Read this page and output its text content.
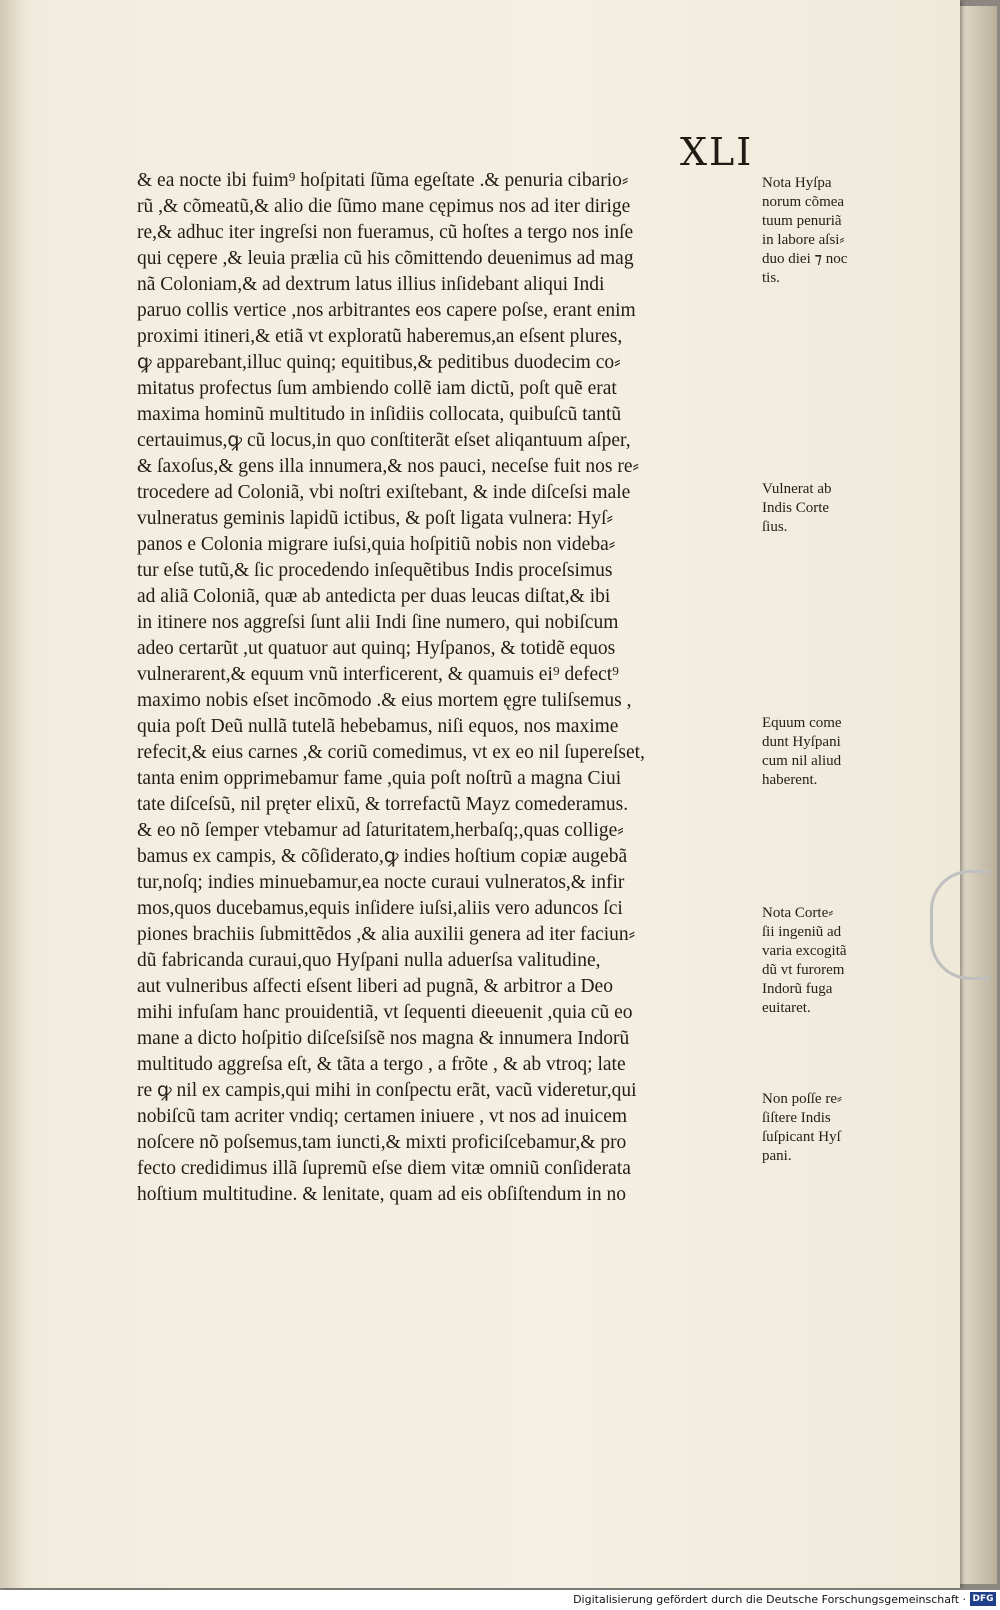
XLI
& ea nocte ibi fuim⁹ hoſpitati ſũma egeſtate .& penuria cibario⸗
rũ ,& cõmeatũ,& alio die ſũmo mane cępimus nos ad iter dirige
re,& adhuc iter ingreſsi non fueramus, cũ hoſtes a tergo nos inſe
qui cępere ,& leuia prælia cũ his cõmittendo deuenimus ad mag
nã Coloniam,& ad dextrum latus illius inſidebant aliqui Indi
paruo collis vertice ,nos arbitrantes eos capere poſse, erant enim
proximi itineri,& etiã vt exploratũ haberemus,an eſsent plures,
ꝙ apparebant,illuc quinq; equitibus,& peditibus duodecim co⸗
mitatus profectus ſum ambiendo collẽ iam dictũ, poſt quẽ erat
maxima hominũ multitudo in inſidiis collocata, quibuſcũ tantũ
certauimus,ꝙ cũ locus,in quo conſtiterãt eſset aliqantuum aſper,
& ſaxoſus,& gens illa innumera,& nos pauci, neceſse fuit nos re⸗
trocedere ad Coloniã, vbi noſtri exiſtebant, & inde diſceſsi male
vulneratus geminis lapidũ ictibus, & poſt ligata vulnera: Hyſ⸗
panos e Colonia migrare iuſsi,quia hoſpitiũ nobis non videba⸗
tur eſse tutũ,& ſic procedendo inſequẽtibus Indis proceſsimus
ad aliã Coloniã, quæ ab antedicta per duas leucas diſtat,& ibi
in itinere nos aggreſsi ſunt alii Indi ſine numero, qui nobiſcum
adeo certarũt ,ut quatuor aut quinq; Hyſpanos, & totidẽ equos
vulnerarent,& equum vnũ interficerent, & quamuis ei⁹ defect⁹
maximo nobis eſset incõmodo .& eius mortem ęgre tuliſsemus ,
quia poſt Deũ nullã tutelã hebebamus, niſi equos, nos maxime
refecit,& eius carnes ,& coriũ comedimus, vt ex eo nil ſupereſset,
tanta enim opprimebamur fame ,quia poſt noſtrũ a magna Ciui
tate diſceſsũ, nil pręter elixũ, & torrefactũ Mayz comederamus.
& eo nõ ſemper vtebamur ad ſaturitatem,herbaſq;,quas collige⸗
bamus ex campis, & cõſiderato,ꝙ indies hoſtium copiæ augebã
tur,noſq; indies minuebamur,ea nocte curaui vulneratos,& infir
mos,quos ducebamus,equis inſidere iuſsi,aliis vero aduncos ſci
piones brachiis ſubmittẽdos ,& alia auxilii genera ad iter faciun⸗
dũ fabricanda curaui,quo Hyſpani nulla aduerſsa valitudine,
aut vulneribus aſfecti eſsent liberi ad pugnã, & arbitror a Deo
mihi infuſam hanc prouidentiã, vt ſequenti dieeuenit ,quia cũ eo
mane a dicto hoſpitio diſceſsiſsẽ nos magna & innumera Indorũ
multitudo aggreſsa eſt, & tãta a tergo , a frõte , & ab vtroq; late
re ꝙ nil ex campis,qui mihi in conſpectu erãt, vacũ videretur,qui
nobiſcũ tam acriter vndiq; certamen iniuere , vt nos ad inuicem
noſcere nõ poſsemus,tam iuncti,& mixti proficiſcebamur,& pro
fecto credidimus illã ſupremũ eſse diem vitæ omniũ conſiderata
hoſtium multitudine. & lenitate, quam ad eis obſiſtendum in no
Nota Hyſpa
norum cõmea
tuum penuriã
in labore aſsi⸗
duo diei ⁊ noc
tis.
Vulnerat ab
Indis Corte
ſius.
Equum come
dunt Hyſpani
cum nil aliud
haberent.
Nota Corte⸗
ſii ingeniũ ad
varia excogitã
dũ vt furorem
Indorũ fuga
euitaret.
Non poſſe re⸗
ſiſtere Indis
ſuſpicant Hyſ
pani.
Digitalisierung gefördert durch die Deutsche Forschungsgemeinschaft · DFG
